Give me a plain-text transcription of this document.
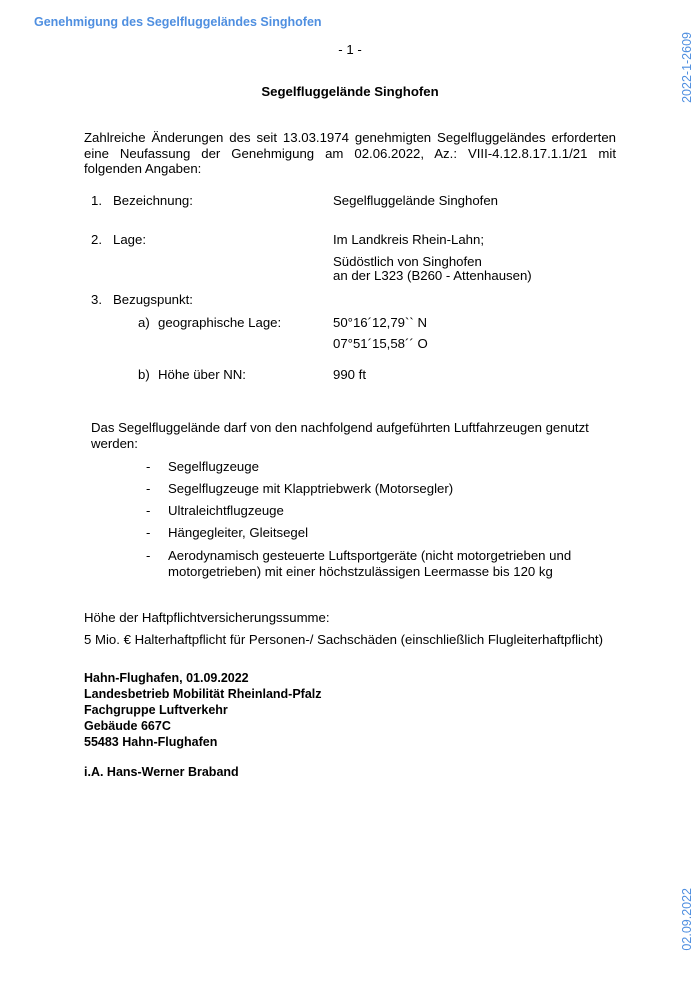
Genehmigung des Segelfluggeländes Singhofen
2022-1-2609
02.09.2022
- 1 -
Segelfluggelände Singhofen
Zahlreiche Änderungen des seit 13.03.1974 genehmigten Segelfluggeländes erforderten eine Neufassung der Genehmigung am 02.06.2022, Az.: VIII-4.12.8.17.1.1/21 mit folgenden Angaben:
1. Bezeichnung:	Segelfluggelände Singhofen
2. Lage:	Im Landkreis Rhein-Lahn;
Südöstlich von Singhofen
an der L323 (B260 - Attenhausen)
3. Bezugspunkt:
a) geographische Lage:	50°16´12,79`` N
07°51´15,58´´ O
b) Höhe über NN:	990 ft
Das Segelfluggelände darf von den nachfolgend aufgeführten Luftfahrzeugen genutzt werden:
- Segelflugzeuge
- Segelflugzeuge mit Klapptriebwerk (Motorsegler)
- Ultraleichtflugzeuge
- Hängegleiter, Gleitsegel
- Aerodynamisch gesteuerte Luftsportgeräte (nicht motorgetrieben und motorgetrieben) mit einer höchstzulässigen Leermasse bis 120 kg
Höhe der Haftpflichtversicherungssumme:
5 Mio. € Halterhaftpflicht für Personen-/ Sachschäden (einschließlich Flugleiterhaftpflicht)
Hahn-Flughafen, 01.09.2022
Landesbetrieb Mobilität Rheinland-Pfalz
Fachgruppe Luftverkehr
Gebäude 667C
55483 Hahn-Flughafen
i.A. Hans-Werner Braband
